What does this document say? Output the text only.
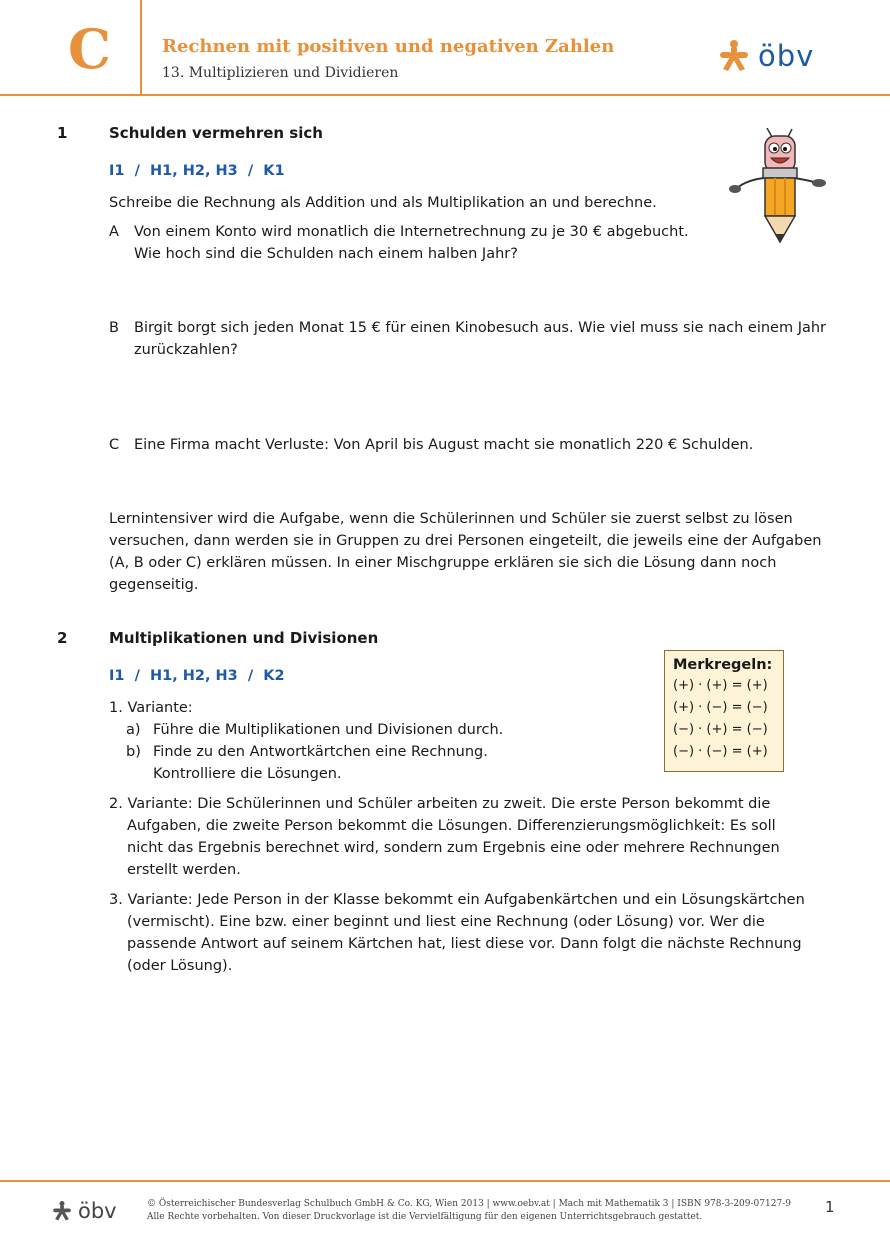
C	Rechnen mit positiven und negativen Zahlen
13. Multiplizieren und Dividieren	öbv
1	Schulden vermehren sich
I1  /  H1, H2, H3  /  K1
Schreibe die Rechnung als Addition und als Multiplikation an und berechne.
A Von einem Konto wird monatlich die Internetrechnung zu je 30 € abgebucht.
Wie hoch sind die Schulden nach einem halben Jahr?
B Birgit borgt sich jeden Monat 15 € für einen Kinobesuch aus. Wie viel muss sie nach einem Jahr
zurückzahlen?
C Eine Firma macht Verluste: Von April bis August macht sie monatlich 220 € Schulden.
Lernintensiver wird die Aufgabe, wenn die Schülerinnen und Schüler sie zuerst selbst zu lösen
versuchen, dann werden sie in Gruppen zu drei Personen eingeteilt, die jeweils eine der Aufgaben
(A, B oder C) erklären müssen. In einer Mischgruppe erklären sie sich die Lösung dann noch
gegenseitig.
2	Multiplikationen und Divisionen
I1  /  H1, H2, H3  /  K2
1. Variante:
a) Führe die Multiplikationen und Divisionen durch.
b) Finde zu den Antwortkärtchen eine Rechnung.
Kontrolliere die Lösungen.
2. Variante: Die Schülerinnen und Schüler arbeiten zu zweit. Die erste Person bekommt die
Aufgaben, die zweite Person bekommt die Lösungen. Differenzierungsmöglichkeit: Es soll
nicht das Ergebnis berechnet wird, sondern zum Ergebnis eine oder mehrere Rechnungen
erstellt werden.
3. Variante: Jede Person in der Klasse bekommt ein Aufgabenkärtchen und ein Lösungskärtchen
(vermischt). Eine bzw. einer beginnt und liest eine Rechnung (oder Lösung) vor. Wer die
passende Antwort auf seinem Kärtchen hat, liest diese vor. Dann folgt die nächste Rechnung
(oder Lösung).
Merkregeln:
(+) · (+) = (+)
(+) · (−) = (−)
(−) · (+) = (−)
(−) · (−) = (+)
öbv	© Österreichischer Bundesverlag Schulbuch GmbH & Co. KG, Wien 2013 | www.oebv.at | Mach mit Mathematik 3 | ISBN 978-3-209-07127-9
Alle Rechte vorbehalten. Von dieser Druckvorlage ist die Vervielfältigung für den eigenen Unterrichtsgebrauch gestattet.
1
